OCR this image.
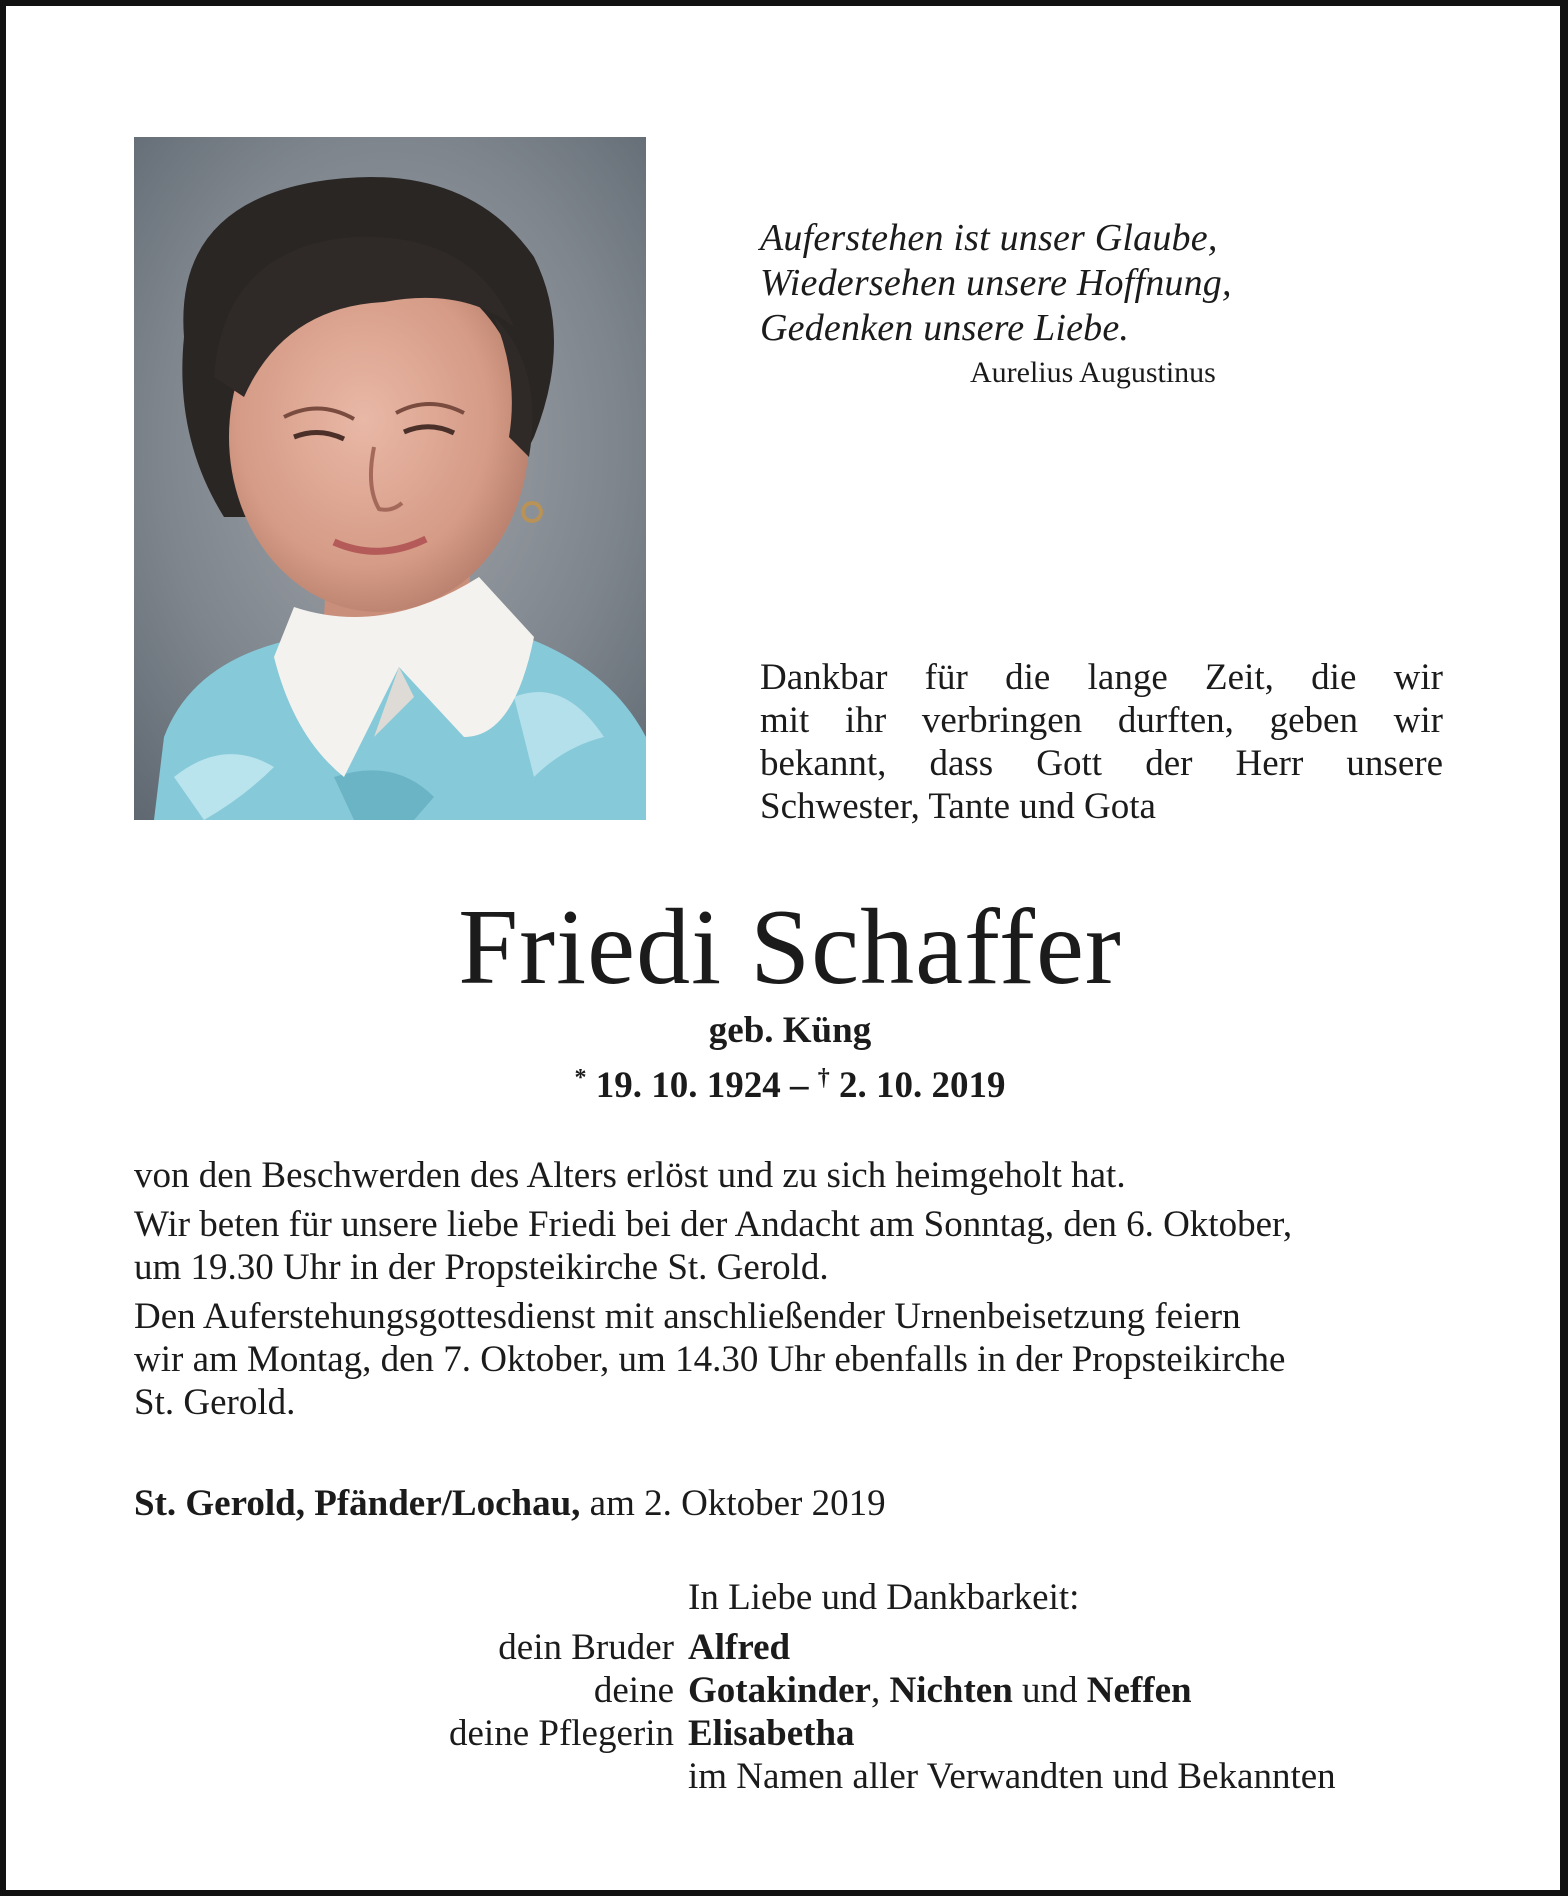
Auferstehen ist unser Glaube,
Wiedersehen unsere Hoffnung,
Gedenken unsere Liebe.
Aurelius Augustinus
Dankbar für die lange Zeit, die wir
mit ihr verbringen durften, geben wir
bekannt, dass Gott der Herr unsere
Schwester, Tante und Gota
Friedi Schaffer
geb. Küng
* 19. 10. 1924 – † 2. 10. 2019
von den Beschwerden des Alters erlöst und zu sich heimgeholt hat.
Wir beten für unsere liebe Friedi bei der Andacht am Sonntag, den 6. Oktober,
um 19.30 Uhr in der Propsteikirche St. Gerold.
Den Auferstehungsgottesdienst mit anschließender Urnenbeisetzung feiern
wir am Montag, den 7. Oktober, um 14.30 Uhr ebenfalls in der Propsteikirche
St. Gerold.
St. Gerold, Pfänder/Lochau, am 2. Oktober 2019
In Liebe und Dankbarkeit:
dein Bruder Alfred
deine Gotakinder, Nichten und Neffen
deine Pflegerin Elisabetha
im Namen aller Verwandten und Bekannten
